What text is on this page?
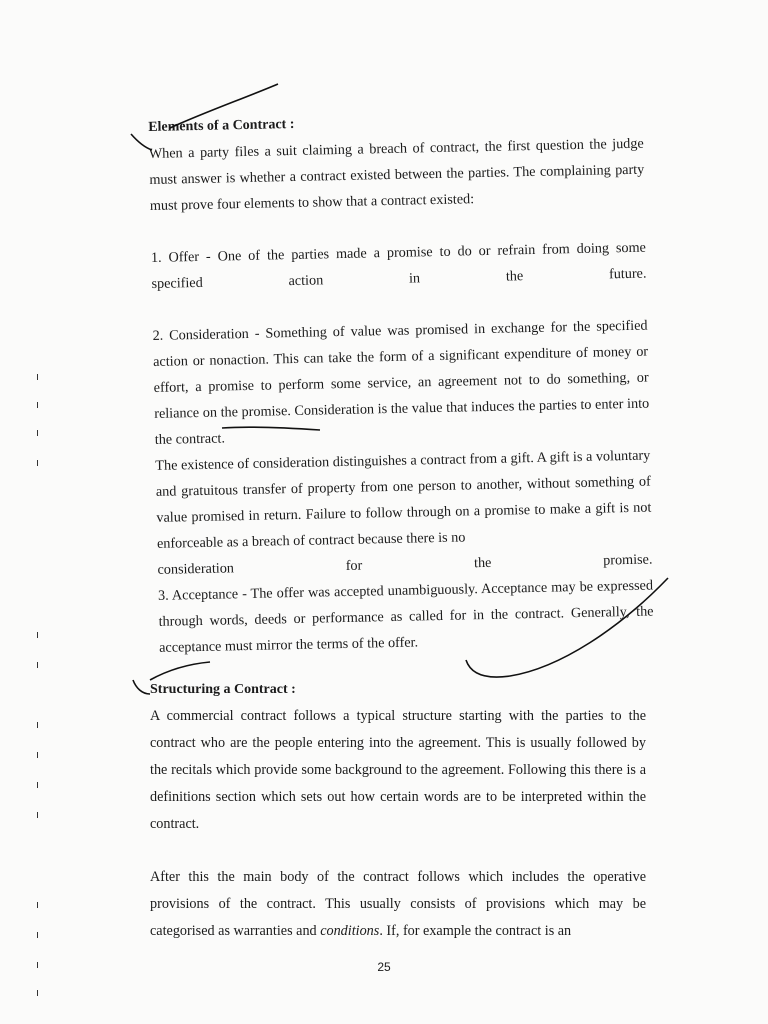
Elements of a Contract :

When a party files a suit claiming a breach of contract, the first question the judge must answer is whether a contract existed between the parties. The complaining party must prove four elements to show that a contract existed:

1. Offer - One of the parties made a promise to do or refrain from doing some

specified action in the future.

2. Consideration - Something of value was promised in exchange for the specified action or nonaction. This can take the form of a significant expenditure of money or effort, a promise to perform some service, an agreement not to do something, or reliance on the promise. Consideration is the value that induces the parties to enter into the contract.

The existence of consideration distinguishes a contract from a gift. A gift is a voluntary and gratuitous transfer of property from one person to another, without something of value promised in return. Failure to follow through on a promise to make a gift is not enforceable as a breach of contract because there is no

consideration for the promise.

3. Acceptance - The offer was accepted unambiguously. Acceptance may be expressed through words, deeds or performance as called for in the contract. Generally, the acceptance must mirror the terms of the offer.

Structuring a Contract :

A commercial contract follows a typical structure starting with the parties to the contract who are the people entering into the agreement. This is usually followed by the recitals which provide some background to the agreement. Following this there is a definitions section which sets out how certain words are to be interpreted within the contract.

After this the main body of the contract follows which includes the operative provisions of the contract. This usually consists of provisions which may be categorised as warranties and conditions. If, for example the contract is an

25
